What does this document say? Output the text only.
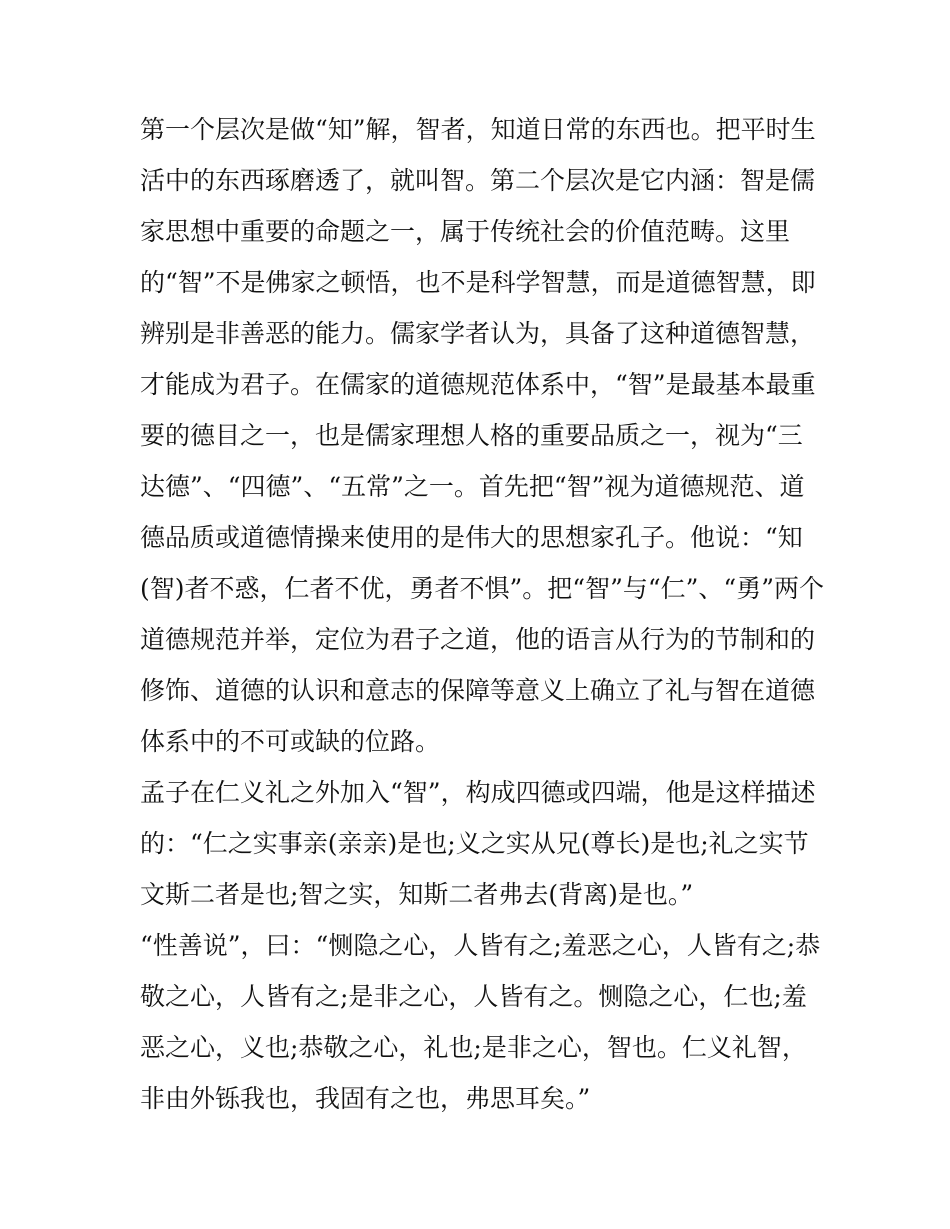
第一个层次是做“知”解，智者，知道日常的东西也。把平时生
活中的东西琢磨透了，就叫智。第二个层次是它内涵：智是儒
家思想中重要的命题之一，属于传统社会的价值范畴。这里
的“智”不是佛家之顿悟，也不是科学智慧，而是道德智慧，即
辨别是非善恶的能力。儒家学者认为，具备了这种道德智慧，
才能成为君子。在儒家的道德规范体系中，“智”是最基本最重
要的德目之一，也是儒家理想人格的重要品质之一，视为“三
达德”、“四德”、“五常”之一。首先把“智”视为道德规范、道
德品质或道德情操来使用的是伟大的思想家孔子。他说：“知
(智)者不惑，仁者不优，勇者不惧”。把“智”与“仁”、“勇”两个
道德规范并举，定位为君子之道，他的语言从行为的节制和的
修饰、道德的认识和意志的保障等意义上确立了礼与智在道德
体系中的不可或缺的位路。
孟子在仁义礼之外加入“智”，构成四德或四端，他是这样描述
的：“仁之实事亲(亲亲)是也;义之实从兄(尊长)是也;礼之实节
文斯二者是也;智之实，知斯二者弗去(背离)是也。”
“性善说”，曰：“恻隐之心，人皆有之;羞恶之心，人皆有之;恭
敬之心，人皆有之;是非之心，人皆有之。恻隐之心，仁也;羞
恶之心，义也;恭敬之心，礼也;是非之心，智也。仁义礼智，
非由外铄我也，我固有之也，弗思耳矣。”
